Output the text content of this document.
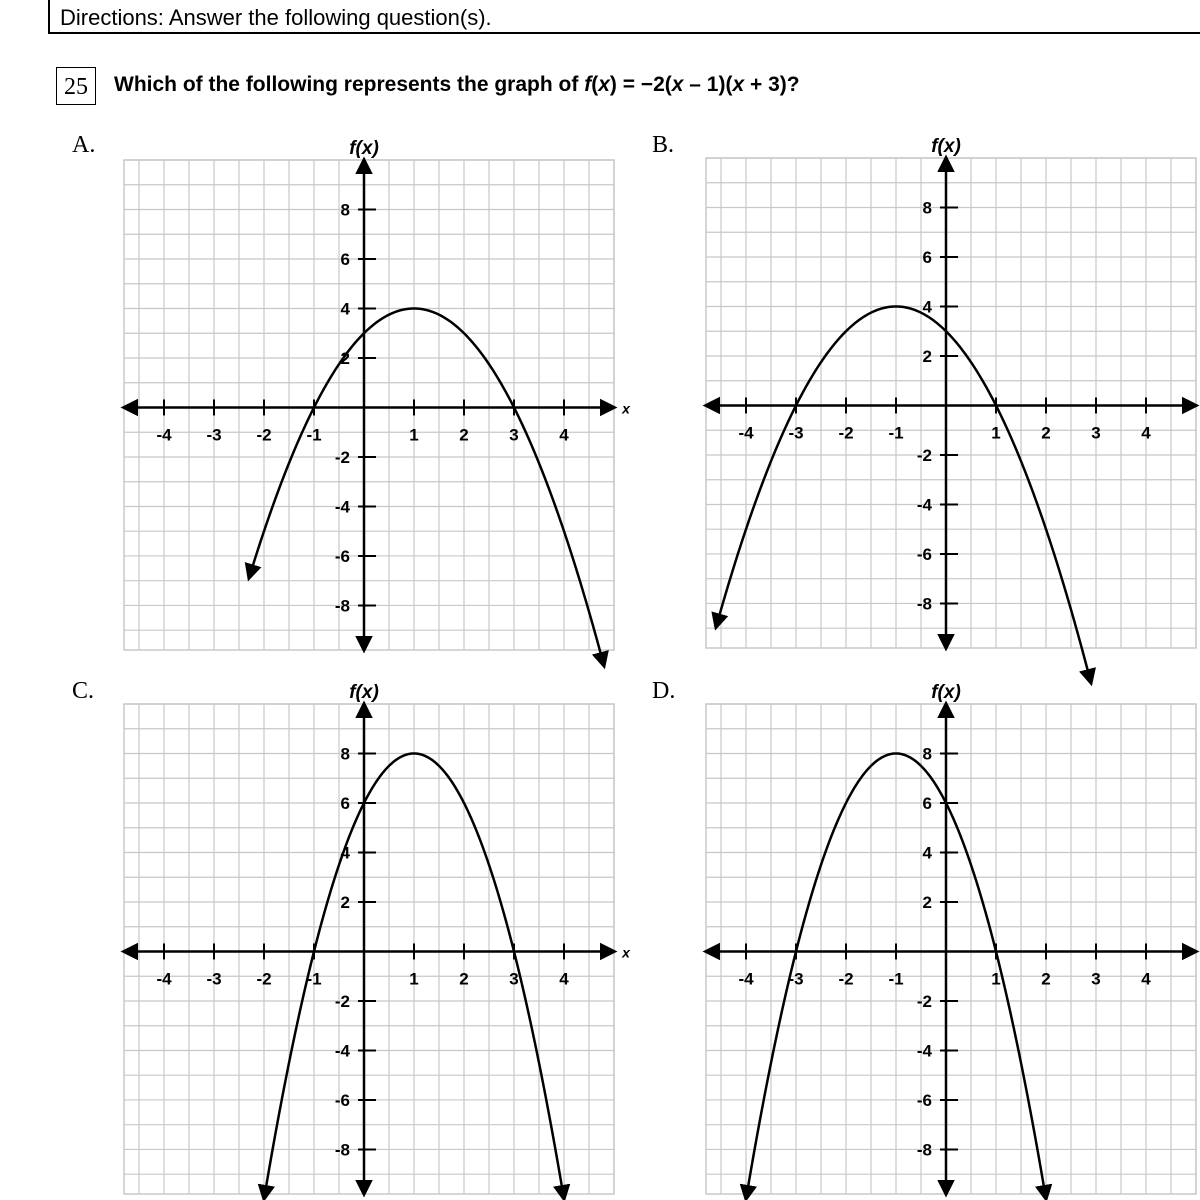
Directions: Answer the following question(s).
25	Which of the following represents the graph of f(x) = −2(x – 1)(x + 3)?
A.	B.
C.	D.
f(x)
x
-4 -3 -2 -1	1 2 3 4
8
6
4
2
-2
-4
-6
-8
f(x)
-4 -3 -2 -1	1 2 3 4
8
6
4
2
-2
-4
-6
-8
f(x)
x
-4 -3 -2 -1	1 2 3 4
8
6
4
2
-2
-4
-6
-8
f(x)
-4 -3 -2 -1	1 2 3 4
8
6
4
2
-2
-4
-6
-8
